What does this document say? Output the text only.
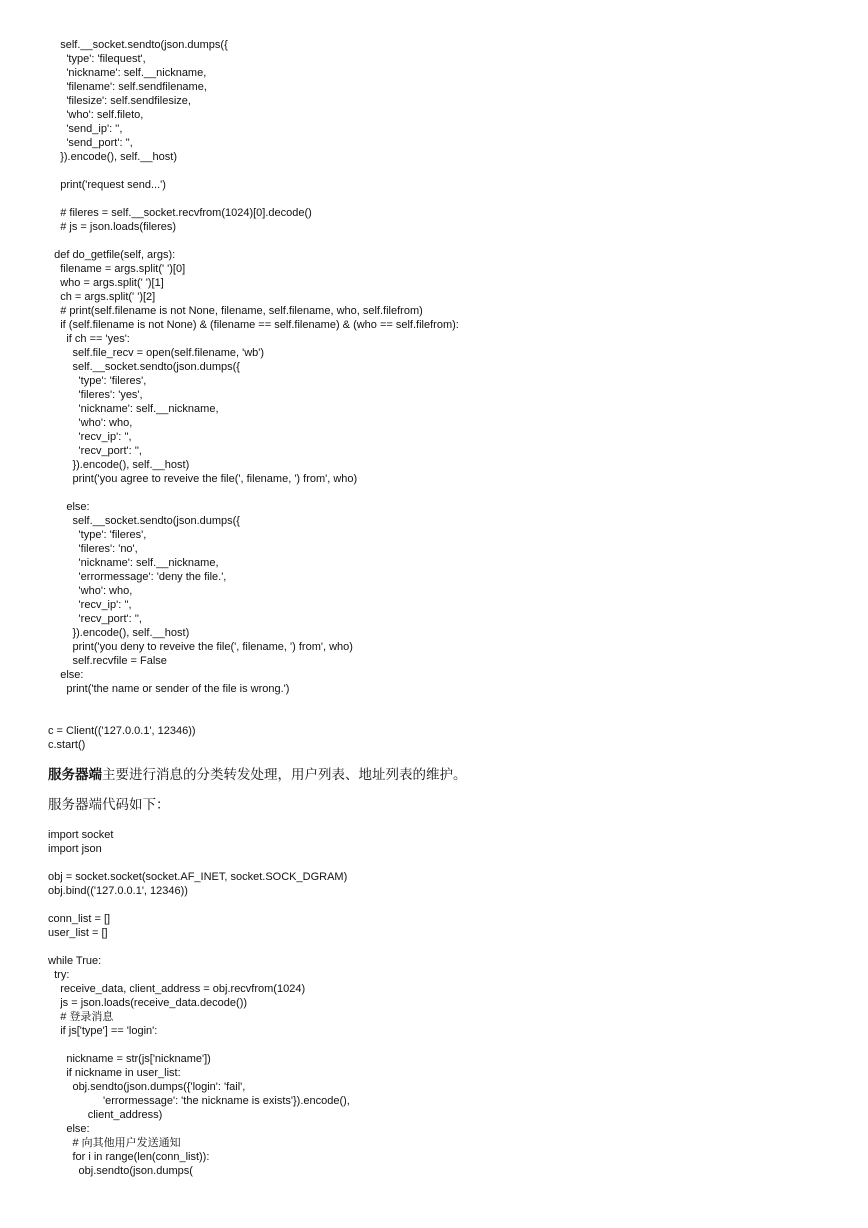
self.__socket.sendto(json.dumps({
'type': 'filequest',
'nickname': self.__nickname,
'filename': self.sendfilename,
'filesize': self.sendfilesize,
'who': self.fileto,
'send_ip': '',
'send_port': '',
}).encode(), self.__host)
print('request send...')
# fileres = self.__socket.recvfrom(1024)[0].decode()
# js = json.loads(fileres)
def do_getfile(self, args):
filename = args.split(' ')[0]
who = args.split(' ')[1]
ch = args.split(' ')[2]
# print(self.filename is not None, filename, self.filename, who, self.filefrom)
if (self.filename is not None) & (filename == self.filename) & (who == self.filefrom):
if ch == 'yes':
self.file_recv = open(self.filename, 'wb')
self.__socket.sendto(json.dumps({
'type': 'fileres',
'fileres': 'yes',
'nickname': self.__nickname,
'who': who,
'recv_ip': '',
'recv_port': '',
}).encode(), self.__host)
print('you agree to reveive the file(', filename, ') from', who)
else:
self.__socket.sendto(json.dumps({
'type': 'fileres',
'fileres': 'no',
'nickname': self.__nickname,
'errormessage': 'deny the file.',
'who': who,
'recv_ip': '',
'recv_port': '',
}).encode(), self.__host)
print('you deny to reveive the file(', filename, ') from', who)
self.recvfile = False
else:
print('the name or sender of the file is wrong.')
c = Client(('127.0.0.1', 12346))
c.start()
服务器端主要进行消息的分类转发处理，用户列表、地址列表的维护。
服务器端代码如下：
import socket
import json
obj = socket.socket(socket.AF_INET, socket.SOCK_DGRAM)
obj.bind(('127.0.0.1', 12346))
conn_list = []
user_list = []
while True:
try:
receive_data, client_address = obj.recvfrom(1024)
js = json.loads(receive_data.decode())
# 登录消息
if js['type'] == 'login':
nickname = str(js['nickname'])
if nickname in user_list:
obj.sendto(json.dumps({'login': 'fail',
'errormessage': 'the nickname is exists'}).encode(),
client_address)
else:
# 向其他用户发送通知
for i in range(len(conn_list)):
obj.sendto(json.dumps(
